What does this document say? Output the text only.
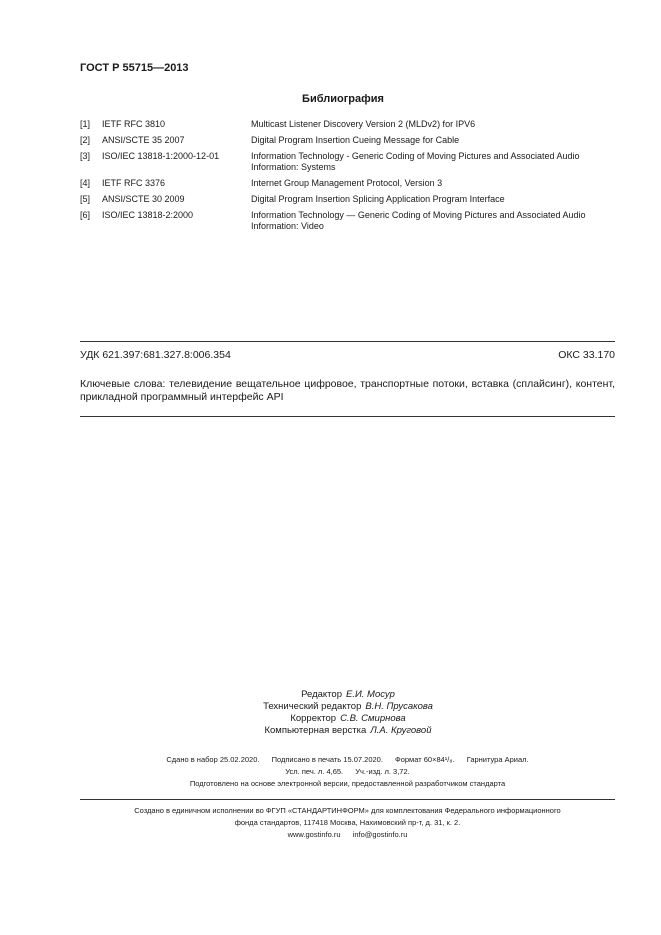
ГОСТ Р 55715—2013
Библиография
[1]	IETF RFC 3810	Multicast Listener Discovery Version 2 (MLDv2) for IPV6
[2]	ANSI/SCTE 35 2007	Digital Program Insertion Cueing Message for Cable
[3]	ISO/IEC 13818-1:2000-12-01	Information Technology - Generic Coding of Moving Pictures and Associated Audio Information: Systems
[4]	IETF RFC 3376	Internet Group Management Protocol, Version 3
[5]	ANSI/SCTE 30 2009	Digital Program Insertion Splicing Application Program Interface
[6]	ISO/IEC 13818-2:2000	Information Technology — Generic Coding of Moving Pictures and Associated Audio Information: Video
УДК 621.397:681.327.8:006.354	ОКС 33.170
Ключевые слова: телевидение вещательное цифровое, транспортные потоки, вставка (сплайсинг), контент, прикладной программный интерфейс API
Редактор Е.И. Мосур
Технический редактор В.Н. Прусакова
Корректор С.В. Смирнова
Компьютерная верстка Л.А. Круговой
Сдано в набор 25.02.2020. Подписано в печать 15.07.2020. Формат 60×84¹/₈. Гарнитура Ариал.
Усл. печ. л. 4,65. Уч.-изд. л. 3,72.
Подготовлено на основе электронной версии, предоставленной разработчиком стандарта
Создано в единичном исполнении во ФГУП «СТАНДАРТИНФОРМ» для комплектования Федерального информационного
фонда стандартов, 117418 Москва, Нахимовский пр-т, д. 31, к. 2.
www.gostinfo.ru info@gostinfo.ru
